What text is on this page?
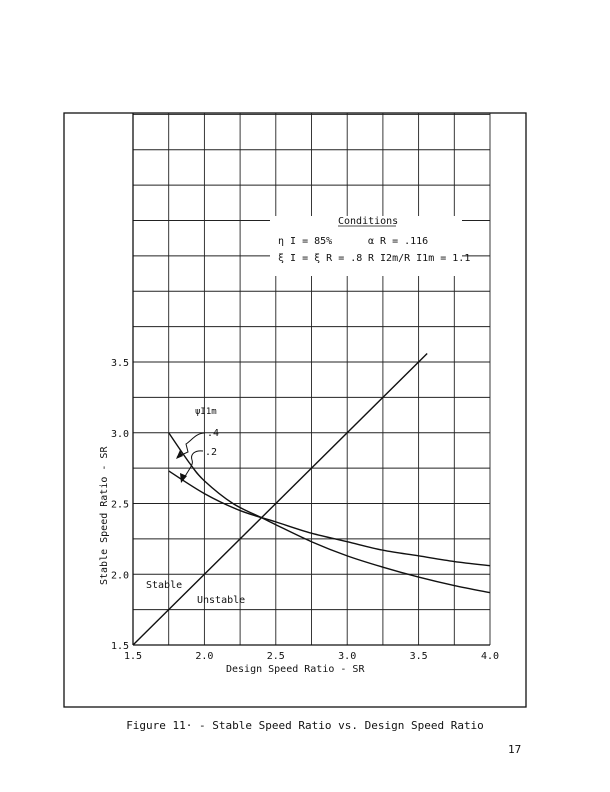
1.5	2.0	2.5	3.0	3.5	4.0
1.5
2.0
2.5
3.0
3.5
Conditions
η I = 85%	α R = .116
ξ I = ξ R = .8 R I2m/R I1m = 1.1
ψI1m
.4
.2
Stable
Unstable
Design Speed Ratio - SR
Stable Speed Ratio - SR
Figure 11· - Stable Speed Ratio vs. Design Speed Ratio
17
